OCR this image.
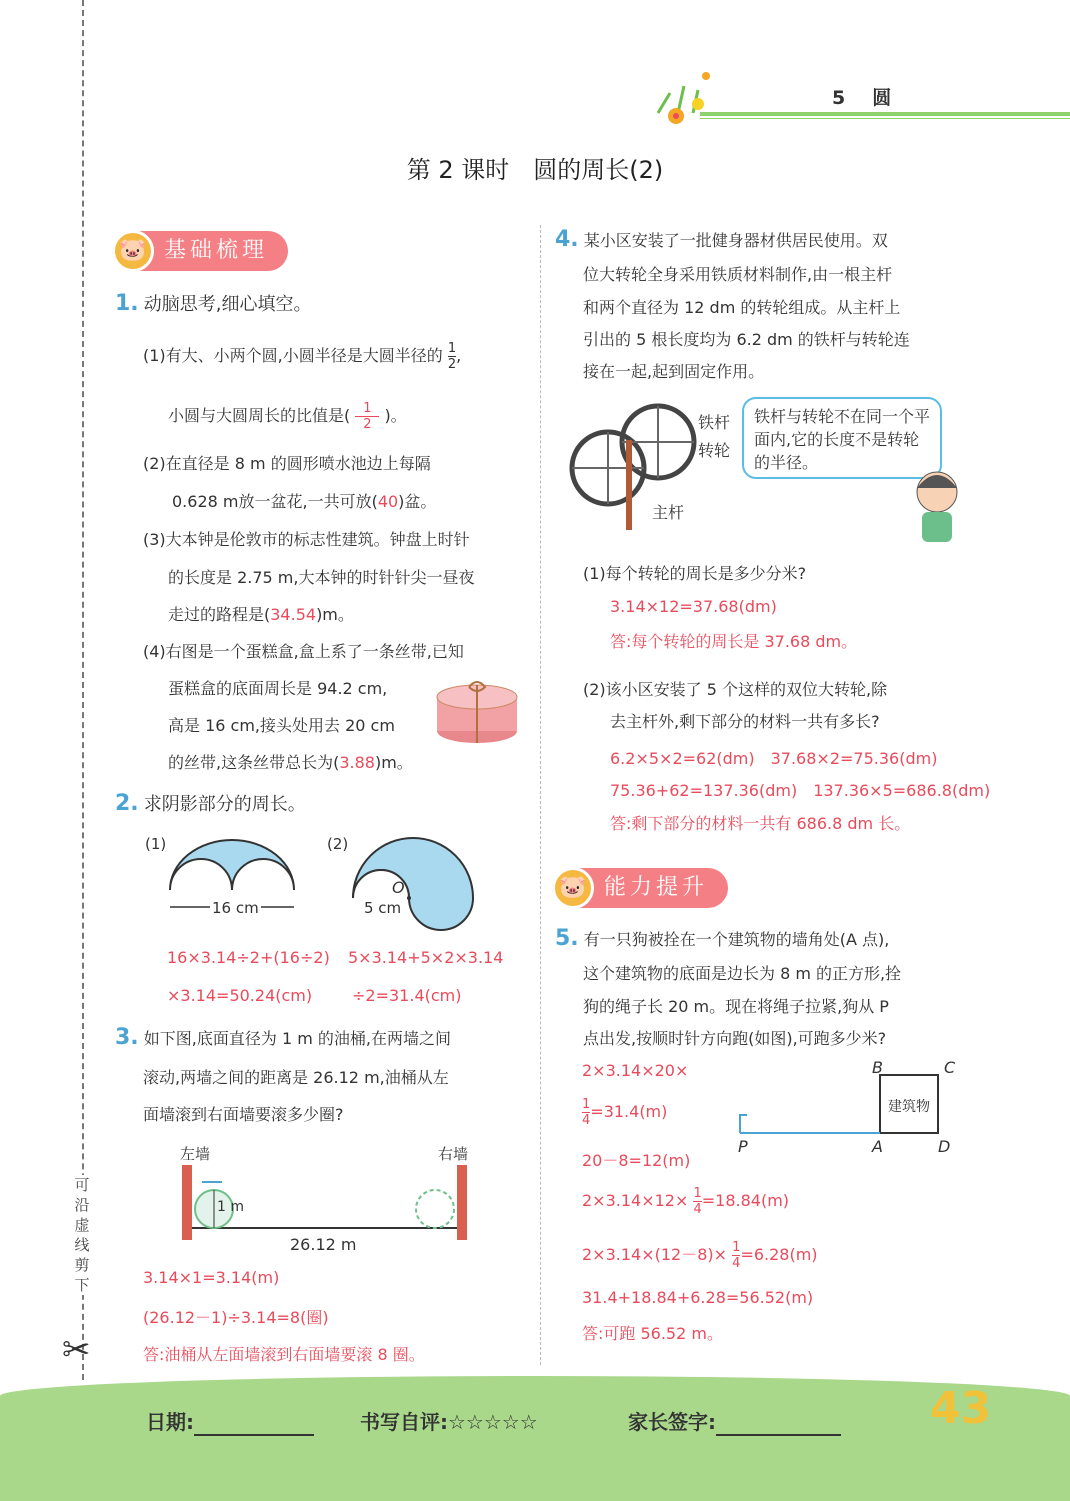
可沿虚线剪下
✂
5　圆
第 2 课时　圆的周长(2)
基础梳理
🐷
1. 动脑思考,细心填空。
(1)有大、小两个圆,小圆半径是大圆半径的 $\frac{1}{2}$ ,
小圆与大圆周长的比值是( $\frac{1}{2}$ )。
(2)在直径是 8 m 的圆形喷水池边上每隔
0.628 m放一盆花,一共可放(40)盆。
(3)大本钟是伦敦市的标志性建筑。钟盘上时针
的长度是 2.75 m,大本钟的时针针尖一昼夜
走过的路程是(34.54)m。
(4)右图是一个蛋糕盒,盒上系了一条丝带,已知
蛋糕盒的底面周长是 94.2 cm,
高是 16 cm,接头处用去 20 cm
的丝带,这条丝带总长为(3.88)m。
2. 求阴影部分的周长。
(1)	(2)
16 cm
O
5 cm
16×3.14÷2+(16÷2)
×3.14=50.24(cm)
5×3.14+5×2×3.14
÷2=31.4(cm)
3. 如下图,底面直径为 1 m 的油桶,在两墙之间
滚动,两墙之间的距离是 26.12 m,油桶从左
面墙滚到右面墙要滚多少圈?
左墙	右墙
1 m
26.12 m
3.14×1=3.14(m)
(26.12－1)÷3.14=8(圈)
答:油桶从左面墙滚到右面墙要滚 8 圈。
4. 某小区安装了一批健身器材供居民使用。双
位大转轮全身采用铁质材料制作,由一根主杆
和两个直径为 12 dm 的转轮组成。从主杆上
引出的 5 根长度均为 6.2 dm 的铁杆与转轮连
接在一起,起到固定作用。
铁杆
转轮
主杆
铁杆与转轮不在同一个平面内,它的长度不是转轮的半径。
(1)每个转轮的周长是多少分米?
3.14×12=37.68(dm)
答:每个转轮的周长是 37.68 dm。
(2)该小区安装了 5 个这样的双位大转轮,除
去主杆外,剩下部分的材料一共有多长?
6.2×5×2=62(dm)　37.68×2=75.36(dm)
75.36+62=137.36(dm)　137.36×5=686.8(dm)
答:剩下部分的材料一共有 686.8 dm 长。
能力提升
🐷
5. 有一只狗被拴在一个建筑物的墙角处(A 点),
这个建筑物的底面是边长为 8 m 的正方形,拴
狗的绳子长 20 m。现在将绳子拉紧,狗从 P
点出发,按顺时针方向跑(如图),可跑多少米?
建筑物
B	C
P	A	D
2×3.14×20×
$\frac{1}{4} =31.4(m)$
20－8=12(m)
$2\times 3.14\times 12\times \frac{1}{4} =18.84(m)$
$2\times 3.14\times(12-8)\times \frac{1}{4} =6.28(m)$
31.4+18.84+6.28=56.52(m)
答:可跑 56.52 m。
日期:	书写自评:☆☆☆☆☆	家长签字:	43
